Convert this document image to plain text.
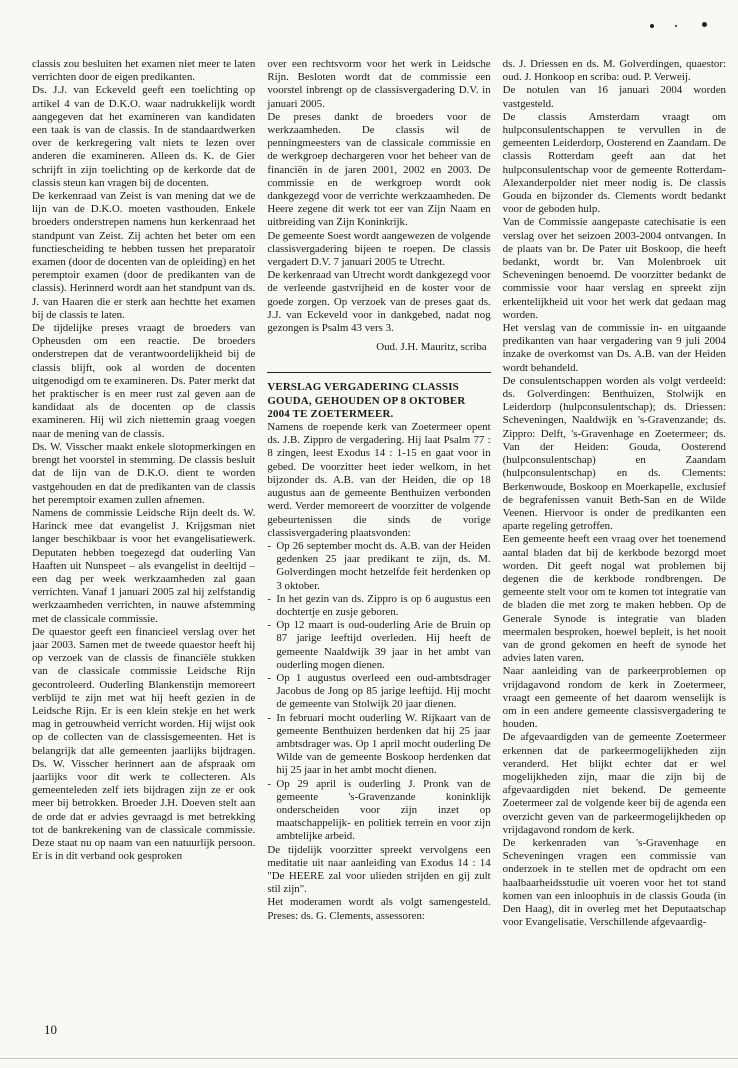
classis zou besluiten het examen niet meer te laten verrichten door de eigen predikanten.

Ds. J.J. van Eckeveld geeft een toelichting op artikel 4 van de D.K.O. waar nadrukkelijk wordt aangegeven dat het examineren van kandidaten een taak is van de classis. In de standaardwerken over de kerkregering valt niets te lezen over anderen die examineren. Alleen ds. K. de Gier schrijft in zijn toelichting op de kerkorde dat de classis steun kan vragen bij de docenten.

De kerkenraad van Zeist is van mening dat we de lijn van de D.K.O. moeten vasthouden. Enkele broeders onderstrepen namens hun kerkenraad het standpunt van Zeist. Zij achten het beter om een functiescheiding te hebben tussen het preparatoir examen (door de docenten van de opleiding) en het peremptoir examen (door de predikanten van de classis). Herinnerd wordt aan het standpunt van ds. J. van Haaren die er sterk aan hechtte het examen bij de classis te laten.

De tijdelijke preses vraagt de broeders van Opheusden om een reactie. De broeders onderstrepen dat de verantwoordelijkheid bij de classis blijft, ook al worden de docenten uitgenodigd om te examineren. Ds. Pater merkt dat het praktischer is en meer rust zal geven aan de kandidaat als de docenten op de classis examineren. Hij wil zich niettemin graag voegen naar de mening van de classis.

Ds. W. Visscher maakt enkele slotopmerkingen en brengt het voorstel in stemming. De classis besluit dat de lijn van de D.K.O. dient te worden vastgehouden en dat de predikanten van de classis het peremptoir examen zullen afnemen.

Namens de commissie Leidsche Rijn deelt ds. W. Harinck mee dat evangelist J. Krijgsman niet langer beschikbaar is voor het evangelisatiewerk. Deputaten hebben toegezegd dat ouderling Van Haaften uit Nunspeet – als evangelist in deeltijd – een dag per week werkzaamheden zal gaan verrichten. Vanaf 1 januari 2005 zal hij zelfstandig werkzaamheden verrichten, in nauwe afstemming met de classicale commissie.

De quaestor geeft een financieel verslag over het jaar 2003. Samen met de tweede quaestor heeft hij op verzoek van de classis de financiële stukken van de classicale commissie Leidsche Rijn gecontroleerd. Ouderling Blankenstijn memoreert verblijd te zijn met wat hij heeft gezien in de Leidsche Rijn. Er is een klein stekje en het werk mag in getrouwheid verricht worden. Hij wijst ook op de collecten van de classisgemeenten. Het is belangrijk dat alle gemeenten jaarlijks bijdragen. Ds. W. Visscher herinnert aan de afspraak om jaarlijks voor dit werk te collecteren. Als gemeenteleden zelf iets bijdragen zijn ze er ook meer bij betrokken. Broeder J.H. Doeven stelt aan de orde dat er advies gevraagd is met betrekking tot de bankrekening van de classicale commissie. Deze staat nu op naam van een natuurlijk persoon. Er is in dit verband ook gesproken

over een rechtsvorm voor het werk in Leidsche Rijn. Besloten wordt dat de commissie een voorstel inbrengt op de classisvergadering D.V. in januari 2005.

De preses dankt de broeders voor de werkzaamheden. De classis wil de penningmeesters van de classicale commissie en de werkgroep dechargeren voor het beheer van de financiën in de jaren 2001, 2002 en 2003. De commissie en de werkgroep wordt ook dankgezegd voor de verrichte werkzaamheden. De Heere zegene dit werk tot eer van Zijn Naam en uitbreiding van Zijn Koninkrijk.

De gemeente Soest wordt aangewezen de volgende classisvergadering bijeen te roepen. De classis vergadert D.V. 7 januari 2005 te Utrecht.

De kerkenraad van Utrecht wordt dankgezegd voor de verleende gastvrijheid en de koster voor de goede zorgen. Op verzoek van de preses gaat ds. J.J. van Eckeveld voor in dankgebed, nadat nog gezongen is Psalm 43 vers 3.

Oud. J.H. Mauritz, scriba

VERSLAG VERGADERING CLASSIS GOUDA, GEHOUDEN OP 8 OKTOBER 2004 TE ZOETERMEER.

Namens de roepende kerk van Zoetermeer opent ds. J.B. Zippro de vergadering. Hij laat Psalm 77 : 8 zingen, leest Exodus 14 : 1-15 en gaat voor in gebed. De voorzitter heet ieder welkom, in het bijzonder ds. A.B. van der Heiden, die op 18 augustus aan de gemeente Benthuizen verbonden werd. Verder memoreert de voorzitter de volgende gebeurtenissen die sinds de vorige classisvergadering plaatsvonden:

- Op 26 september mocht ds. A.B. van der Heiden gedenken 25 jaar predikant te zijn, ds. M. Golverdingen mocht hetzelfde feit herdenken op 3 oktober.
- In het gezin van ds. Zippro is op 6 augustus een dochtertje en zusje geboren.
- Op 12 maart is oud-ouderling Arie de Bruin op 87 jarige leeftijd overleden. Hij heeft de gemeente Naaldwijk 39 jaar in het ambt van ouderling mogen dienen.
- Op 1 augustus overleed een oud-ambtsdrager Jacobus de Jong op 85 jarige leeftijd. Hij mocht de gemeente van Stolwijk 20 jaar dienen.
- In februari mocht ouderling W. Rijkaart van de gemeente Benthuizen herdenken dat hij 25 jaar ambtsdrager was. Op 1 april mocht ouderling De Wilde van de gemeente Boskoop herdenken dat hij 25 jaar in het ambt mocht dienen.
- Op 29 april is ouderling J. Pronk van de gemeente 's-Gravenzande koninklijk onderscheiden voor zijn inzet op maatschappelijk- en politiek terrein en voor zijn ambtelijke arbeid.

De tijdelijk voorzitter spreekt vervolgens een meditatie uit naar aanleiding van Exodus 14 : 14 "De HEERE zal voor ulieden strijden en gij zult stil zijn".

Het moderamen wordt als volgt samengesteld. Preses: ds. G. Clements, assessoren:

ds. J. Driessen en ds. M. Golverdingen, quaestor: oud. J. Honkoop en scriba: oud. P. Verweij.

De notulen van 16 januari 2004 worden vastgesteld.

De classis Amsterdam vraagt om hulpconsulentschappen te vervullen in de gemeenten Leiderdorp, Oosterend en Zaandam. De classis Rotterdam geeft aan dat het hulpconsulentschap voor de gemeente Rotterdam-Alexanderpolder niet meer nodig is. De classis Gouda en bijzonder ds. Clements wordt bedankt voor de geboden hulp.

Van de Commissie aangepaste catechisatie is een verslag over het seizoen 2003-2004 ontvangen. In de plaats van br. De Pater uit Boskoop, die heeft bedankt, wordt br. Van Molenbroek uit Scheveningen benoemd. De voorzitter bedankt de commissie voor haar verslag en spreekt zijn erkentelijkheid uit voor het werk dat gedaan mag worden.

Het verslag van de commissie in- en uitgaande predikanten van haar vergadering van 9 juli 2004 inzake de overkomst van Ds. A.B. van der Heiden wordt behandeld.

De consulentschappen worden als volgt verdeeld: ds. Golverdingen: Benthuizen, Stolwijk en Leiderdorp (hulpconsulentschap); ds. Driessen: Scheveningen, Naaldwijk en 's-Gravenzande; ds. Zippro: Delft, 's-Gravenhage en Zoetermeer; ds. Van der Heiden: Gouda, Oosterend (hulpconsulentschap) en Zaandam (hulpconsulentschap) en ds. Clements: Berkenwoude, Boskoop en Moerkapelle, exclusief de begrafenissen vanuit Beth-San en de Wilde Veenen. Hiervoor is onder de predikanten een aparte regeling getroffen.

Een gemeente heeft een vraag over het toenemend aantal bladen dat bij de kerkbode bezorgd moet worden. Dit geeft nogal wat problemen bij degenen die de kerkbode rondbrengen. De gemeente stelt voor om te komen tot integratie van de bladen die met zorg te maken hebben. Op de Generale Synode is integratie van bladen meermalen besproken, hoewel bepleit, is het nooit van de grond gekomen en heeft de synode het advies laten varen.

Naar aanleiding van de parkeerproblemen op vrijdagavond rondom de kerk in Zoetermeer, vraagt een gemeente of het daarom wenselijk is om in een andere gemeente classisvergadering te houden.

De afgevaardigden van de gemeente Zoetermeer erkennen dat de parkeermogelijkheden zijn veranderd. Het blijkt echter dat er wel mogelijkheden zijn, maar die zijn bij de afgevaardigden niet bekend. De gemeente Zoetermeer zal de volgende keer bij de agenda een overzicht geven van de parkeermogelijkheden op vrijdagavond rondom de kerk.

De kerkenraden van 's-Gravenhage en Scheveningen vragen een commissie van onderzoek in te stellen met de opdracht om een haalbaarheidsstudie uit voeren voor het tot stand komen van een inloophuis in de classis Gouda (in Den Haag), dit in overleg met het Deputaatschap voor Evangelisatie. Verschillende afgevaardig-

10
